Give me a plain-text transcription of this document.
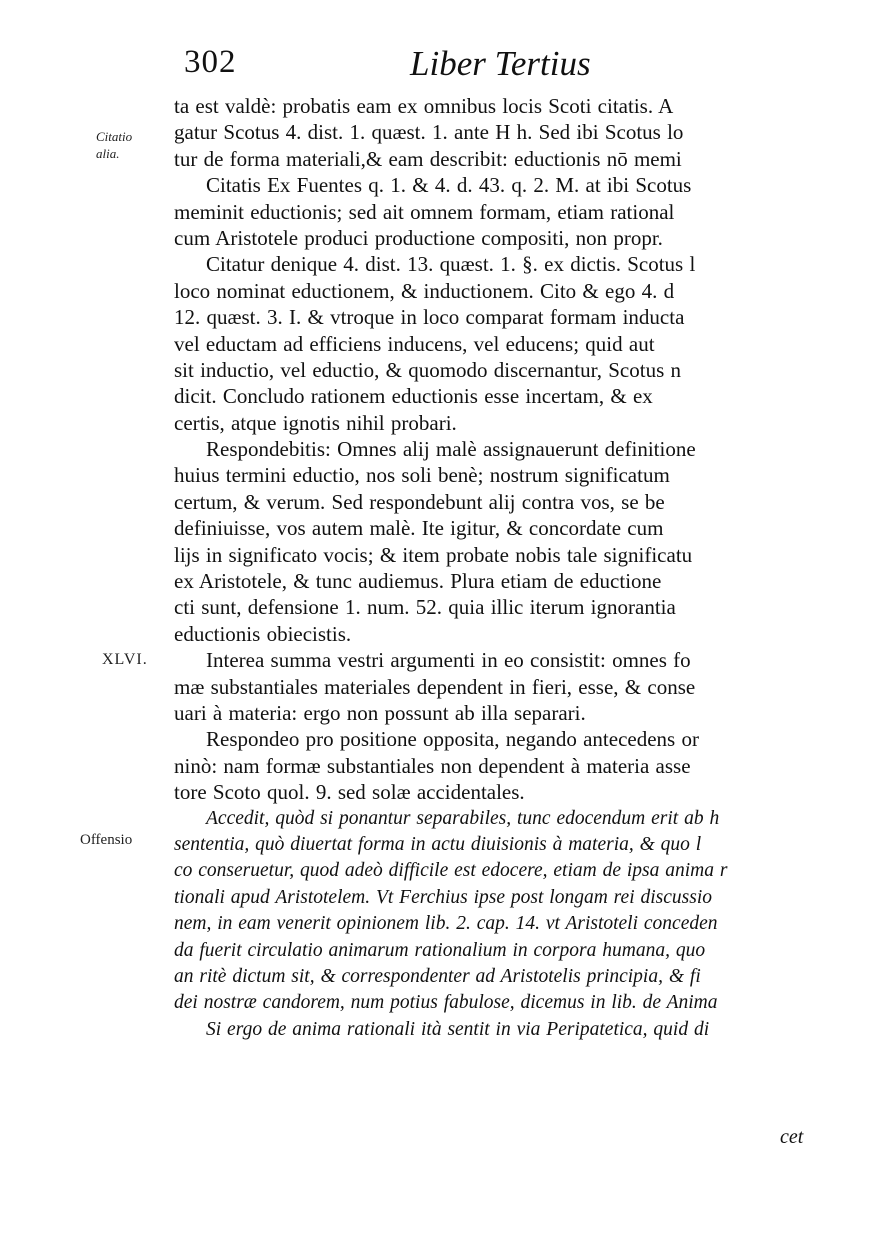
302	Liber Tertius
Citatio
alia.
XLVI.
Offensio
ta est valdè: probatis eam ex omnibus locis Scoti citatis. A
gatur Scotus 4. dist. 1. quæst. 1. ante H h. Sed ibi Scotus lo
tur de forma materiali,& eam describit: eductionis nō memi
Citatis Ex Fuentes q. 1. & 4. d. 43. q. 2. M. at ibi Scotus
meminit eductionis; sed ait omnem formam, etiam rational
cum Aristotele produci productione compositi, non propr.
Citatur denique 4. dist. 13. quæst. 1. §. ex dictis. Scotus l
loco nominat eductionem, & inductionem. Cito & ego 4. d
12. quæst. 3. I. & vtroque in loco comparat formam inducta
vel eductam ad efficiens inducens, vel educens; quid aut
sit inductio, vel eductio, & quomodo discernantur, Scotus n
dicit. Concludo rationem eductionis esse incertam, & ex
certis, atque ignotis nihil probari.
Respondebitis: Omnes alij malè assignauerunt definitione
huius termini eductio, nos soli benè; nostrum significatum
certum, & verum. Sed respondebunt alij contra vos, se be
definiuisse, vos autem malè. Ite igitur, & concordate cum
lijs in significato vocis; & item probate nobis tale significatu
ex Aristotele, & tunc audiemus. Plura etiam de eductione
cti sunt, defensione 1. num. 52. quia illic iterum ignorantia
eductionis obiecistis.
Interea summa vestri argumenti in eo consistit: omnes fo
mæ substantiales materiales dependent in fieri, esse, & conse
uari à materia: ergo non possunt ab illa separari.
Respondeo pro positione opposita, negando antecedens or
ninò: nam formæ substantiales non dependent à materia asse
tore Scoto quol. 9. sed solæ accidentales.
Accedit, quòd si ponantur separabiles, tunc edocendum erit ab h
sententia, quò diuertat forma in actu diuisionis à materia, & quo l
co conseruetur, quod adeò difficile est edocere, etiam de ipsa anima r
tionali apud Aristotelem. Vt Ferchius ipse post longam rei discussio
nem, in eam venerit opinionem lib. 2. cap. 14. vt Aristoteli conceden
da fuerit circulatio animarum rationalium in corpora humana, quo
an ritè dictum sit, & correspondenter ad Aristotelis principia, & fi
dei nostræ candorem, num potius fabulose, dicemus in lib. de Anima
Si ergo de anima rationali ità sentit in via Peripatetica, quid di
cet
